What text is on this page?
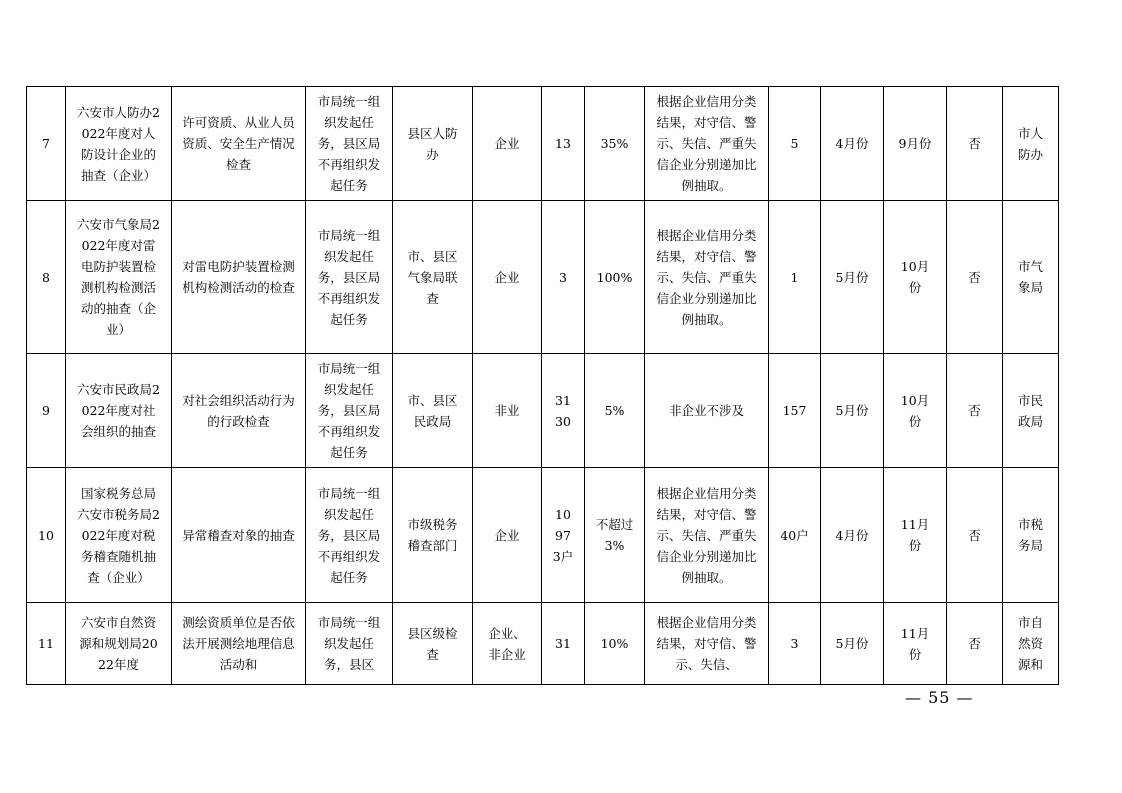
7	六安市人防办2022年度对人防设计企业的抽查（企业）	许可资质、从业人员资质、安全生产情况检查	市局统一组织发起任务，县区局不再组织发起任务	县区人防办	企业	13	35%	根据企业信用分类结果，对守信、警示、失信、严重失信企业分别递加比例抽取。	5	4月份	9月份	否	市人防办
8	六安市气象局2022年度对雷电防护装置检测机构检测活动的抽查（企业）	对雷电防护装置检测机构检测活动的检查	市局统一组织发起任务，县区局不再组织发起任务	市、县区气象局联查	企业	3	100%	根据企业信用分类结果，对守信、警示、失信、严重失信企业分别递加比例抽取。	1	5月份	10月份	否	市气象局
9	六安市民政局2022年度对社会组织的抽查	对社会组织活动行为的行政检查	市局统一组织发起任务，县区局不再组织发起任务	市、县区民政局	非业	3130	5%	非企业不涉及	157	5月份	10月份	否	市民政局
10	国家税务总局六安市税务局2022年度对税务稽查随机抽查（企业）	异常稽查对象的抽查	市局统一组织发起任务，县区局不再组织发起任务	市级税务稽查部门	企业	10973户	不超过3%	根据企业信用分类结果，对守信、警示、失信、严重失信企业分别递加比例抽取。	40户	4月份	11月份	否	市税务局
11	六安市自然资源和规划局2022年度	测绘资质单位是否依法开展测绘地理信息活动和	市局统一组织发起任务，县区	县区级检查	企业、非企业	31	10%	根据企业信用分类结果，对守信、警示、失信、	3	5月份	11月份	否	市自然资源和
— 55 —
